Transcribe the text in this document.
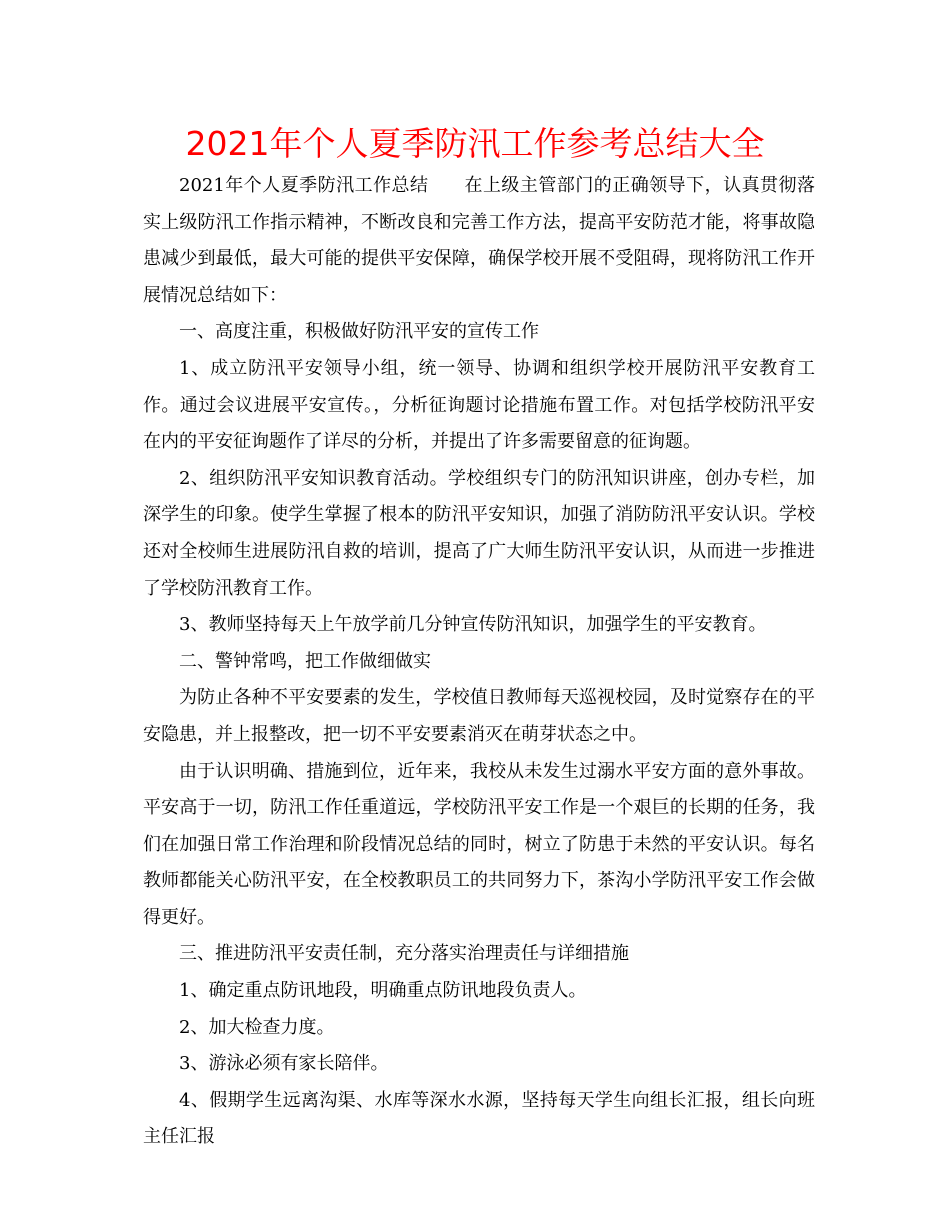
2021年个人夏季防汛工作参考总结大全

2021年个人夏季防汛工作总结 在上级主管部门的正确领导下，认真贯彻落实上级防汛工作指示精神，不断改良和完善工作方法，提高平安防范才能，将事故隐患减少到最低，最大可能的提供平安保障，确保学校开展不受阻碍，现将防汛工作开展情况总结如下：

一、高度注重，积极做好防汛平安的宣传工作

1、成立防汛平安领导小组，统一领导、协调和组织学校开展防汛平安教育工作。通过会议进展平安宣传。，分析征询题讨论措施布置工作。对包括学校防汛平安在内的平安征询题作了详尽的分析，并提出了许多需要留意的征询题。

2、组织防汛平安知识教育活动。学校组织专门的防汛知识讲座，创办专栏，加深学生的印象。使学生掌握了根本的防汛平安知识，加强了消防防汛平安认识。学校还对全校师生进展防汛自救的培训，提高了广大师生防汛平安认识，从而进一步推进了学校防汛教育工作。

3、教师坚持每天上午放学前几分钟宣传防汛知识，加强学生的平安教育。

二、警钟常鸣，把工作做细做实

为防止各种不平安要素的发生，学校值日教师每天巡视校园，及时觉察存在的平安隐患，并上报整改，把一切不平安要素消灭在萌芽状态之中。

由于认识明确、措施到位，近年来，我校从未发生过溺水平安方面的意外事故。平安高于一切，防汛工作任重道远，学校防汛平安工作是一个艰巨的长期的任务，我们在加强日常工作治理和阶段情况总结的同时，树立了防患于未然的平安认识。每名教师都能关心防汛平安，在全校教职员工的共同努力下，茶沟小学防汛平安工作会做得更好。

三、推进防汛平安责任制，充分落实治理责任与详细措施

1、确定重点防讯地段，明确重点防讯地段负责人。

2、加大检查力度。

3、游泳必须有家长陪伴。

4、假期学生远离沟渠、水库等深水水源，坚持每天学生向组长汇报，组长向班主任汇报
